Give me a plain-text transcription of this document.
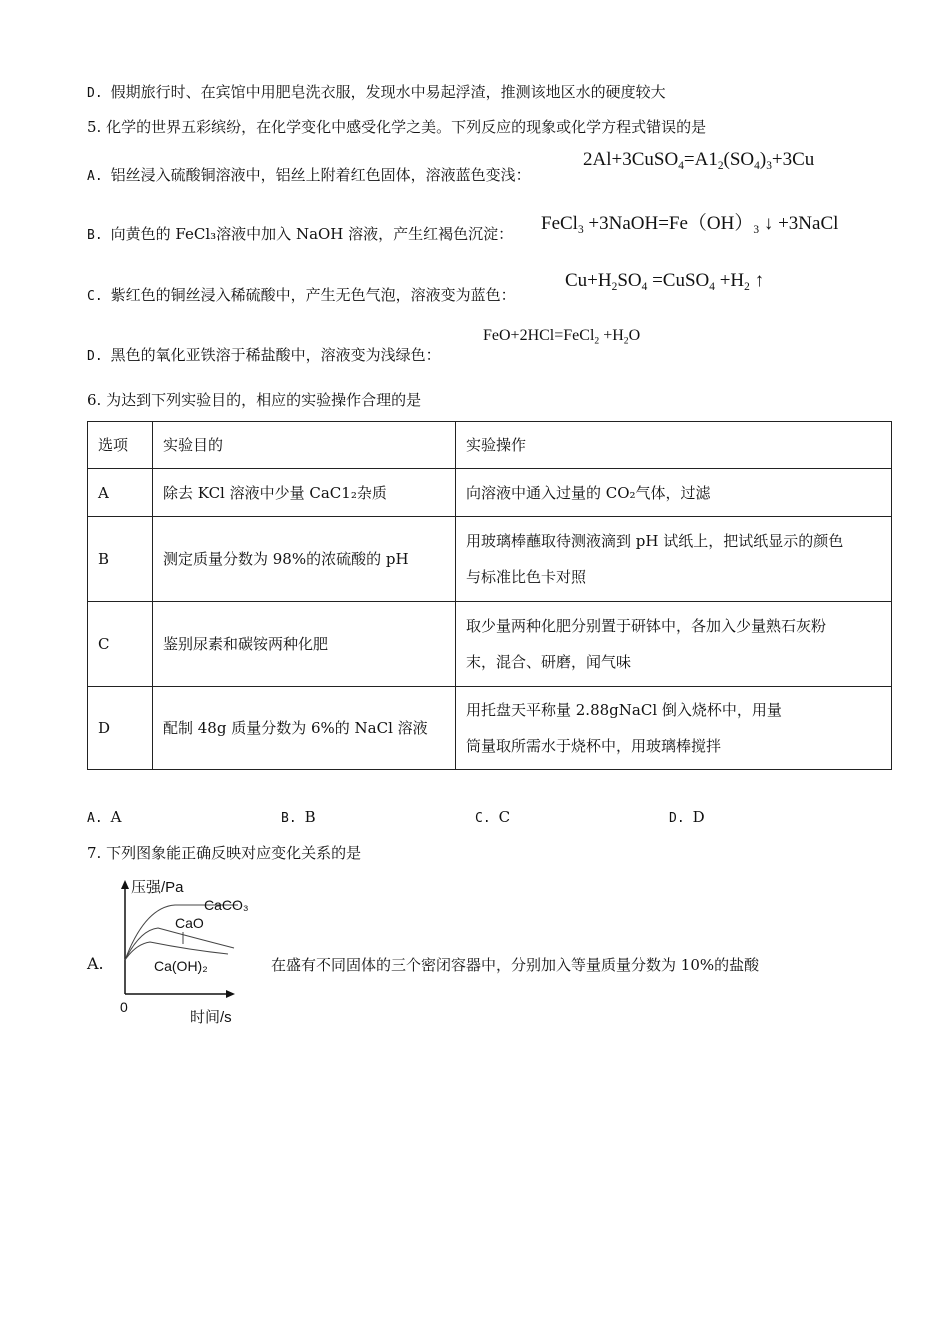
D. 假期旅行时、在宾馆中用肥皂洗衣服，发现水中易起浮渣，推测该地区水的硬度较大
5. 化学的世界五彩缤纷，在化学变化中感受化学之美。下列反应的现象或化学方程式错误的是
A. 铝丝浸入硫酸铜溶液中，铝丝上附着红色固体，溶液蓝色变浅：
$2Al+3CuSO_4=A1_2(SO_4)_3+3Cu$
B. 向黄色的 FeCl₃溶液中加入 NaOH 溶液，产生红褐色沉淀： FeCl$_3$ $+3NaOH=Fe(OH)_3$ ↓ +3NaCl
C. 紫红色的铜丝浸入稀硫酸中，产生无色气泡，溶液变为蓝色：
$Cu+H_2SO_4$ =CuSO$_4$ $+H_2$ ↑
D. 黑色的氧化亚铁溶于稀盐酸中，溶液变为浅绿色：
FeO+2HCl=FeCl$_2$ $+H_2O$
6. 为达到下列实验目的，相应的实验操作合理的是
选项	实验目的	实验操作
A	除去 KCl 溶液中少量 CaC1₂杂质	向溶液中通入过量的 CO₂气体，过滤
B	测定质量分数为 98%的浓硫酸的 pH	用玻璃棒蘸取待测液滴到 pH 试纸上，把试纸显示的颜色
与标准比色卡对照
C	鉴别尿素和碳铵两种化肥	取少量两种化肥分别置于研钵中，各加入少量熟石灰粉
末，混合、研磨，闻气味
D	配制 48g 质量分数为 6%的 NaCl 溶液	用托盘天平称量 2.88gNaCl 倒入烧杯中，用量
筒量取所需水于烧杯中，用玻璃棒搅拌
A. A	B. B	C. C	D. D
7. 下列图象能正确反映对应变化关系的是
A.
压强/Pa
CaCO₃
CaO
Ca(OH)₂
0
时间/s
在盛有不同固体的三个密闭容器中，分别加入等量质量分数为 10%的盐酸
